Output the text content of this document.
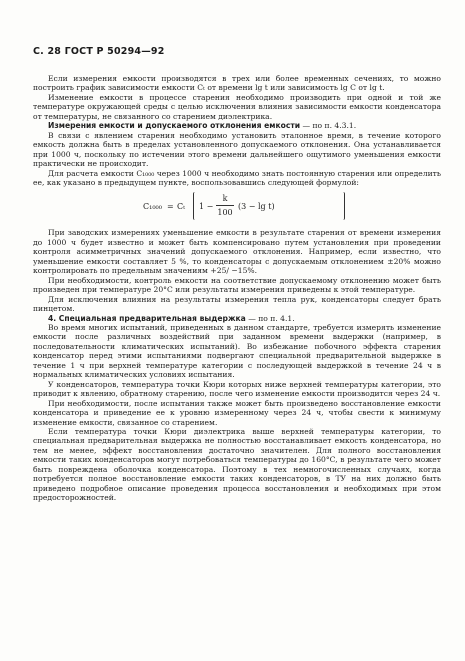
С. 28 ГОСТ Р 50294—92

Если измерения емкости производятся в трех или более временных сечениях, то можно построить график зависимости емкости Cₜ от времени lg t или зависимость lg C от lg t.

Изменение емкости в процессе старения необходимо производить при одной и той же температуре окружающей среды с целью исключения влияния зависимости емкости конденсатора от температуры, не связанного со старением диэлектрика.

Измерения емкости и допускаемого отклонения емкости — по п. 4.3.1.

В связи с явлением старения необходимо установить эталонное время, в течение которого емкость должна быть в пределах установленного допускаемого отклонения. Она устанавливается при 1000 ч, поскольку по истечении этого времени дальнейшего ощутимого уменьшения емкости практически не происходит.

Для расчета емкости C₁₀₀₀ через 1000 ч необходимо знать постоянную старения или определить ее, как указано в предыдущем пункте, воспользовавшись следующей формулой:

C₁₀₀₀ = Cₜ 1 −
k
100
(3 − lg t)

При заводских измерениях уменьшение емкости в результате старения от времени измерения до 1000 ч будет известно и может быть компенсировано путем установления при проведении контроля асимметричных значений допускаемого отклонения. Например, если известно, что уменьшение емкости составляет 5 %, то конденсаторы с допускаемым отклонением ±20% можно контролировать по предельным значениям +25/ −15%.

При необходимости, контроль емкости на соответствие допускаемому отклонению может быть произведен при температуре 20°C или результаты измерения приведены к этой температуре.

Для исключения влияния на результаты измерения тепла рук, конденсаторы следует брать пинцетом.

4. Специальная предварительная выдержка — по п. 4.1.

Во время многих испытаний, приведенных в данном стандарте, требуется измерять изменение емкости после различных воздействий при заданном времени выдержки (например, в последовательности климатических испытаний). Во избежание побочного эффекта старения конденсатор перед этими испытаниями подвергают специальной предварительной выдержке в течение 1 ч при верхней температуре категории с последующей выдержкой в течение 24 ч в нормальных климатических условиях испытания.

У конденсаторов, температура точки Кюри которых ниже верхней температуры категории, это приводит к явлению, обратному старению, после чего изменение емкости производится через 24 ч.

При необходимости, после испытания также может быть произведено восстановление емкости конденсатора и приведение ее к уровню измеренному через 24 ч, чтобы свести к минимуму изменение емкости, связанное со старением.

Если температура точки Кюри диэлектрика выше верхней температуры категории, то специальная предварительная выдержка не полностью восстанавливает емкость конденсатора, но тем не менее, эффект восстановления достаточно значителен. Для полного восстановления емкости таких конденсаторов могут потребоваться температуры до 160°C, в результате чего может быть повреждена оболочка конденсатора. Поэтому в тех немногочисленных случаях, когда потребуется полное восстановление емкости таких конденсаторов, в ТУ на них должно быть приведено подробное описание проведения процесса восстановления и необходимых при этом предосторожностей.
